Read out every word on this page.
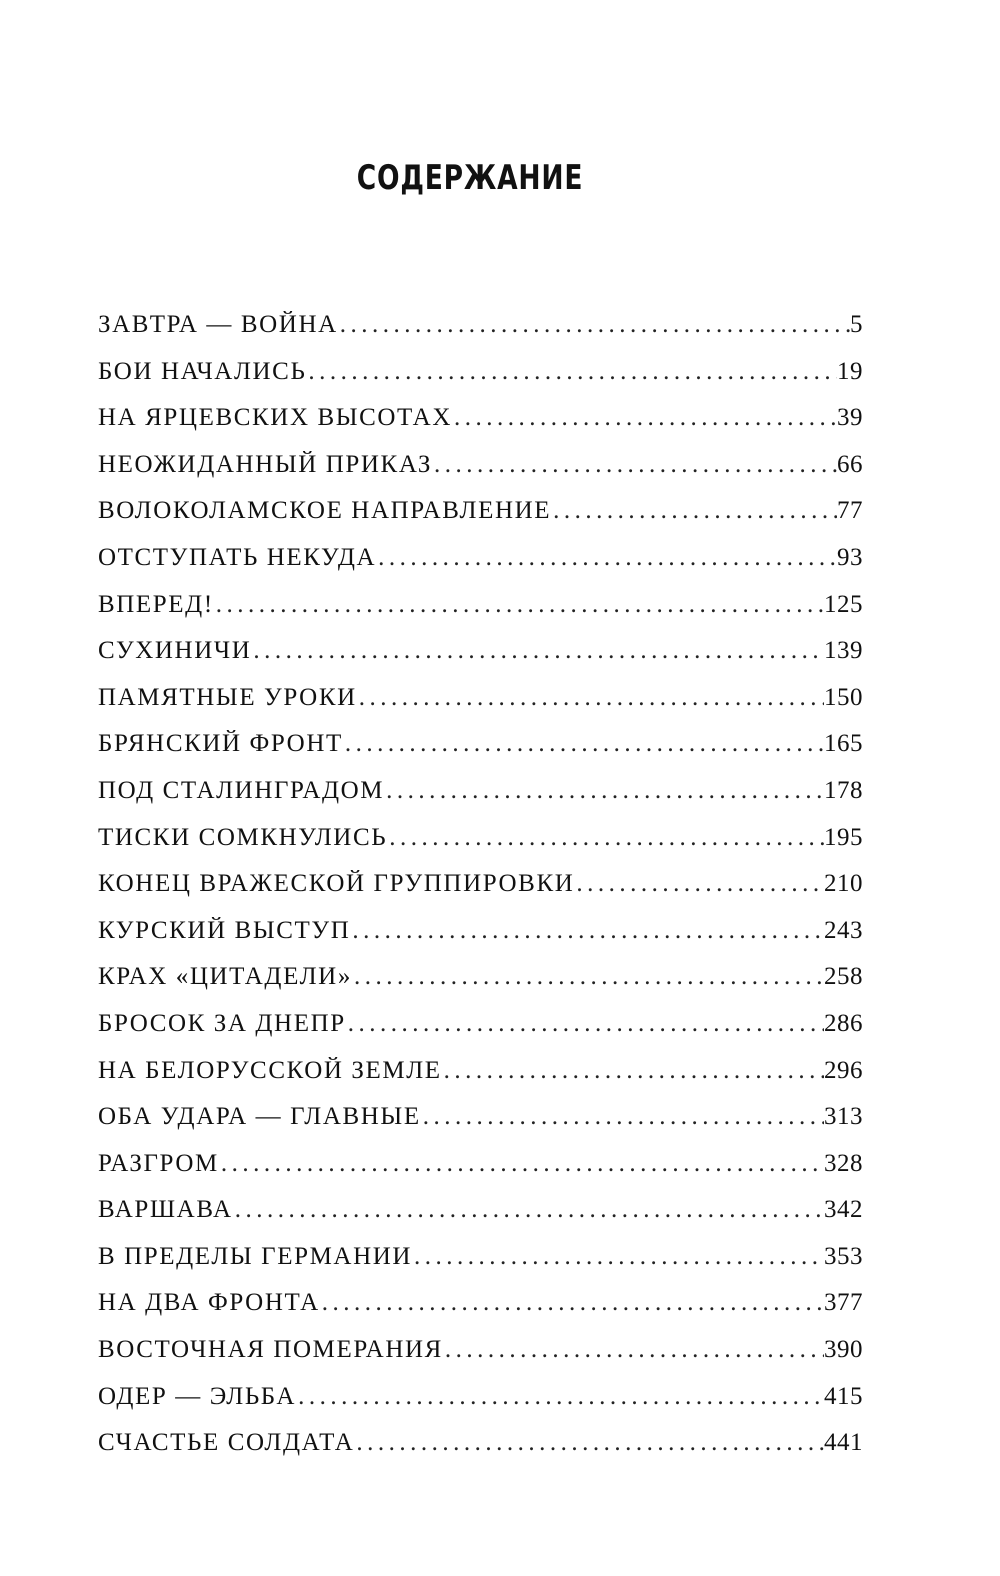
СОДЕРЖАНИЕ
ЗАВТРА — ВОЙНА .....	5
БОИ НАЧАЛИСЬ .....	19
НА ЯРЦЕВСКИХ ВЫСОТАХ .....	39
НЕОЖИДАННЫЙ ПРИКАЗ .....	66
ВОЛОКОЛАМСКОЕ НАПРАВЛЕНИЕ .....	77
ОТСТУПАТЬ НЕКУДА .....	93
ВПЕРЕД! .....	125
СУХИНИЧИ .....	139
ПАМЯТНЫЕ УРОКИ .....	150
БРЯНСКИЙ ФРОНТ .....	165
ПОД СТАЛИНГРАДОМ .....	178
ТИСКИ СОМКНУЛИСЬ .....	195
КОНЕЦ ВРАЖЕСКОЙ ГРУППИРОВКИ .....	210
КУРСКИЙ ВЫСТУП .....	243
КРАХ «ЦИТАДЕЛИ» .....	258
БРОСОК ЗА ДНЕПР .....	286
НА БЕЛОРУССКОЙ ЗЕМЛЕ .....	296
ОБА УДАРА — ГЛАВНЫЕ .....	313
РАЗГРОМ .....	328
ВАРШАВА .....	342
В ПРЕДЕЛЫ ГЕРМАНИИ .....	353
НА ДВА ФРОНТА .....	377
ВОСТОЧНАЯ ПОМЕРАНИЯ .....	390
ОДЕР — ЭЛЬБА .....	415
СЧАСТЬЕ СОЛДАТА .....	441
